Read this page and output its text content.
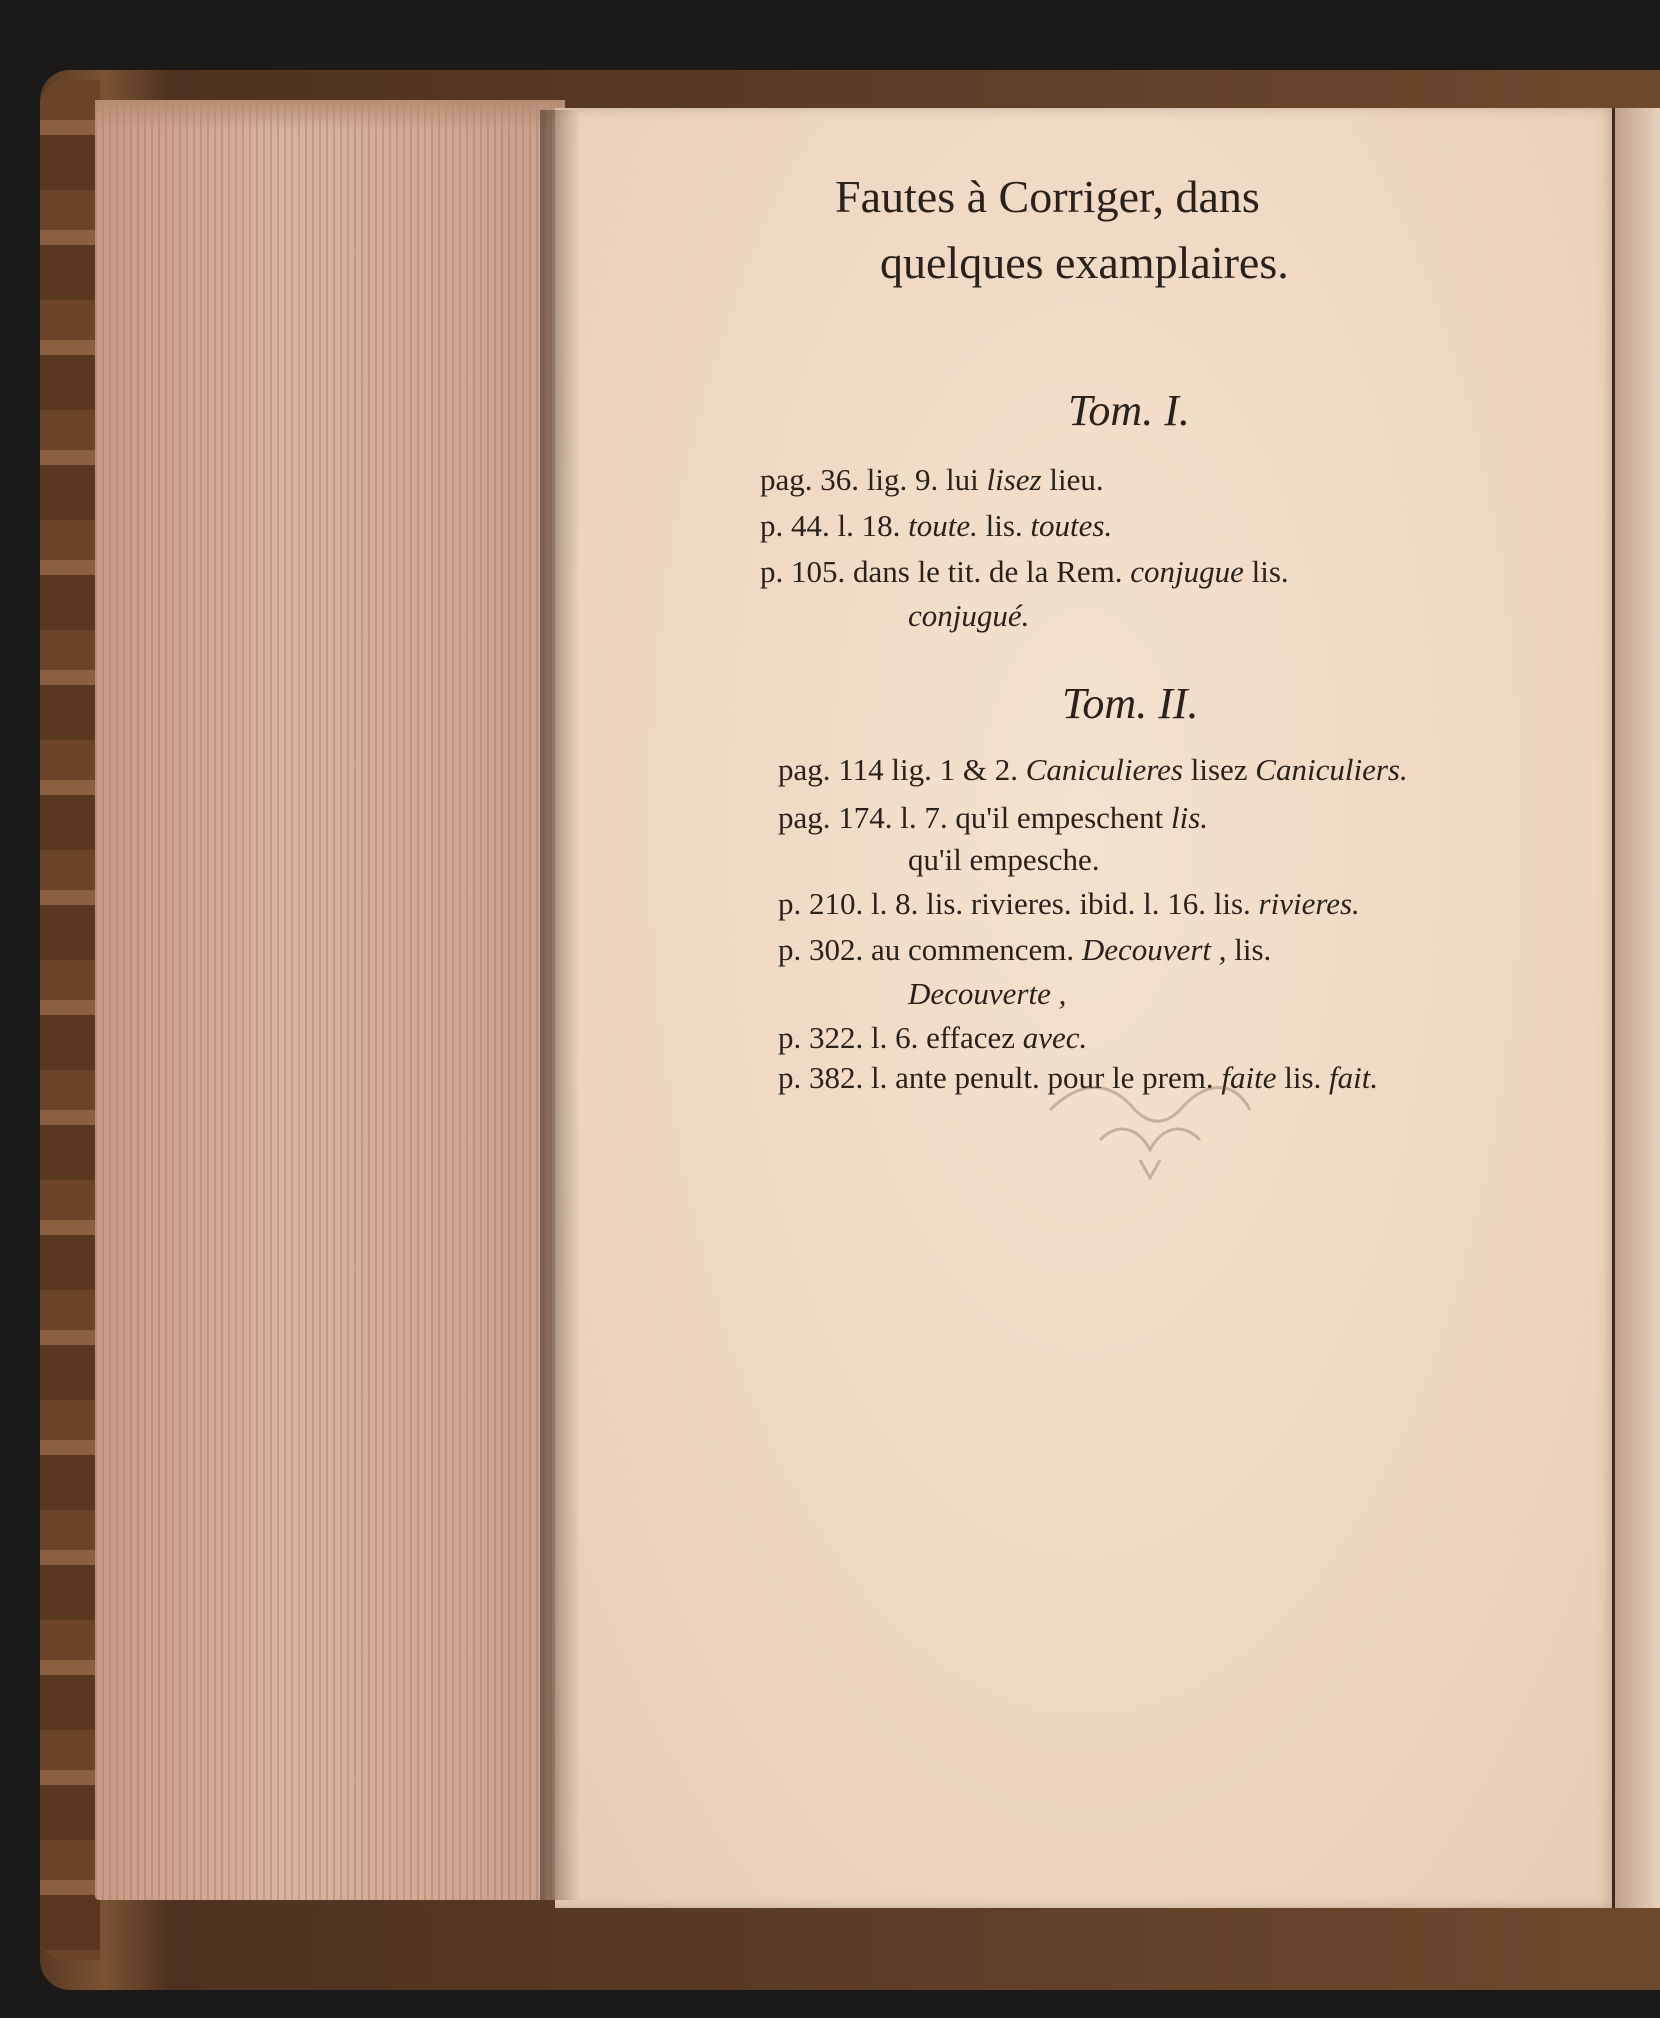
Fautes à Corriger, dans
quelques examplaires.
Tom. I.
pag. 36. lig. 9. lui lisez lieu.
p. 44. l. 18. toute. lis. toutes.
p. 105. dans le tit. de la Rem. conjugue lis.
conjugué.
Tom. II.
pag. 114 lig. 1 & 2. Caniculieres lisez Caniculiers.
pag. 174. l. 7. qu'il empeschent lis.
qu'il empesche.
p. 210. l. 8. lis. rivieres. ibid. l. 16. lis. rivieres.
p. 302. au commencem. Decouvert , lis.
Decouverte ,
p. 322. l. 6. effacez avec.
p. 382. l. ante penult. pour le prem. faite lis. fait.
